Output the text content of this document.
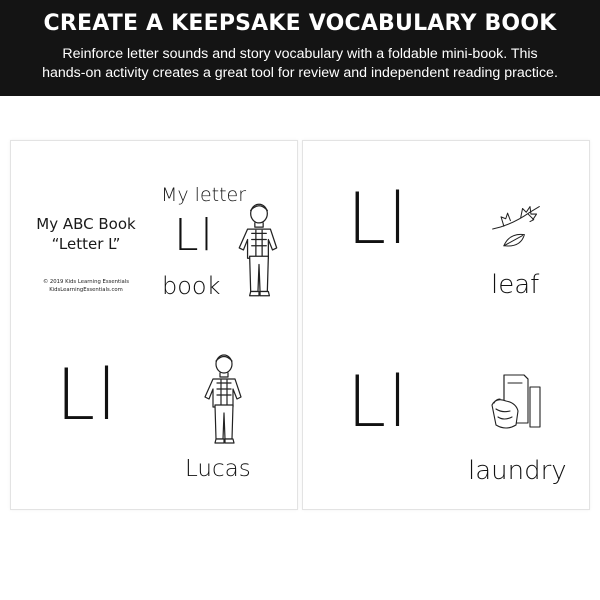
CREATE A KEEPSAKE VOCABULARY BOOK
Reinforce letter sounds and story vocabulary with a foldable mini-book. This
hands-on activity creates a great tool for review and independent reading practice.
My ABC Book
“Letter L”
© 2019 Kids Learning Essentials
KidsLearningEssentials.com
My letter
Ll
book
Ll
Lucas
Ll
leaf
Ll
laundry
